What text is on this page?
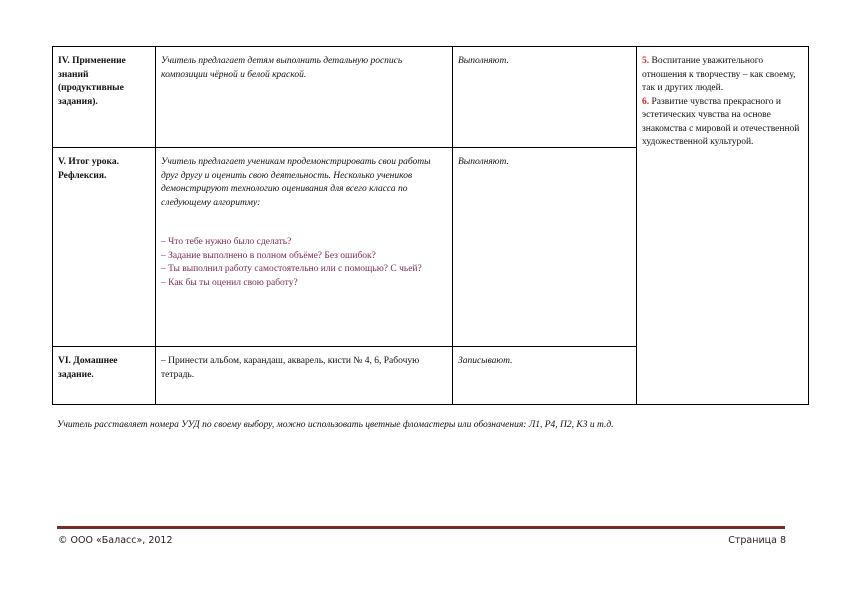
IV. Применение знаний (продуктивные задания).	Учитель предлагает детям выполнить детальную роспись композиции чёрной и белой краской.	Выполняют.	5. Воспитание уважительного отношения к творчеству – как своему, так и других людей.
6. Развитие чувства прекрасного и эстетических чувства на основе знакомства с мировой и отечественной художественной культурой.

V. Итог урока. Рефлексия.	Учитель предлагает ученикам продемонстрировать свои работы друг другу и оценить свою деятельность. Несколько учеников демонстрируют технологию оценивания для всего класса по следующему алгоритму:
– Что тебе нужно было сделать?
– Задание выполнено в полном объёме? Без ошибок?
– Ты выполнил работу самостоятельно или с помощью? С чьей?
– Как бы ты оценил свою работу?	Выполняют.	
VI. Домашнее задание.	– Принести альбом, карандаш, акварель, кисти № 4, 6, Рабочую тетрадь.	Записывают.	
Учитель расставляет номера УУД по своему выбору, можно использовать цветные фломастеры или обозначения: Л1, Р4, П2, К3 и т.д.
© ООО «Баласс», 2012	Страница 8
